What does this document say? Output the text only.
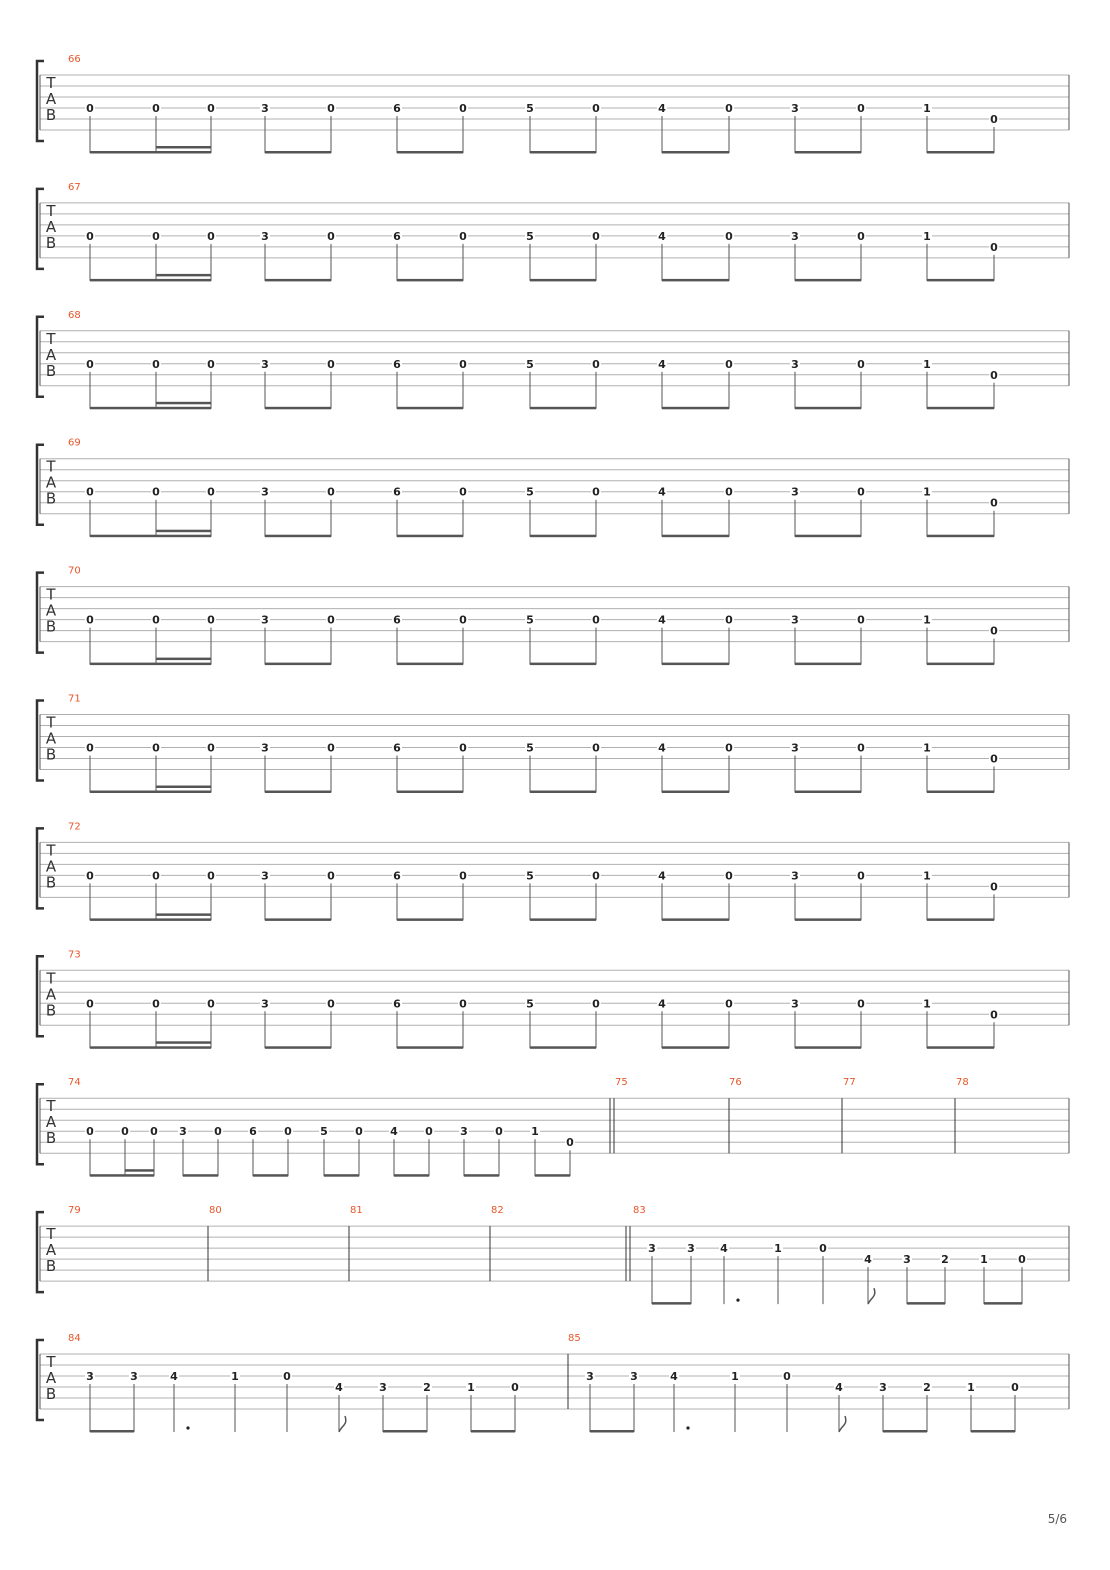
T
A
B
66
0	0	0	3	0	6	0	5	0	4	0	3	0	1
0
T
A
B
67
0	0	0	3	0	6	0	5	0	4	0	3	0	1
0
T
A
B
68
0	0	0	3	0	6	0	5	0	4	0	3	0	1
0
T
A
B
69
0	0	0	3	0	6	0	5	0	4	0	3	0	1
0
T
A
B
70
0	0	0	3	0	6	0	5	0	4	0	3	0	1
0
T
A
B
71
0	0	0	3	0	6	0	5	0	4	0	3	0	1
0
T
A
B
72
0	0	0	3	0	6	0	5	0	4	0	3	0	1
0
T
A
B
73
0	0	0	3	0	6	0	5	0	4	0	3	0	1
0
T
A
B
74	75	76	77	78
0 0 0 3 0 6 0	5 0 4 0 3 0	1
0
T
A
B
79	80	81	82	83
3	3 4	1	0
4	3	2	1	0
T
A
B
84	85
3	3	4	1	0
4	3	2	1	0
3	3	4	1	0
4	3	2	1	0
5/6
